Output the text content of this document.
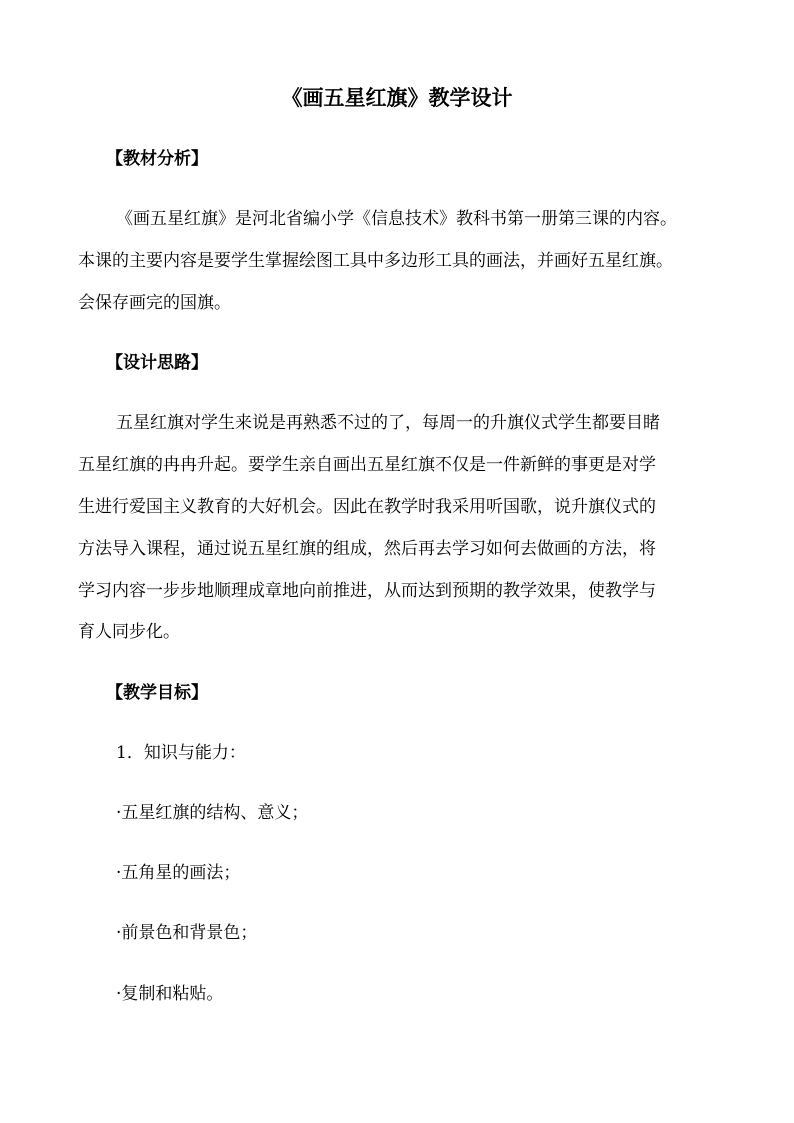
《画五星红旗》教学设计
【教材分析】
《画五星红旗》是河北省编小学《信息技术》教科书第一册第三课的内容。
本课的主要内容是要学生掌握绘图工具中多边形工具的画法，并画好五星红旗。
会保存画完的国旗。
【设计思路】
五星红旗对学生来说是再熟悉不过的了，每周一的升旗仪式学生都要目睹
五星红旗的冉冉升起。要学生亲自画出五星红旗不仅是一件新鲜的事更是对学
生进行爱国主义教育的大好机会。因此在教学时我采用听国歌，说升旗仪式的
方法导入课程，通过说五星红旗的组成，然后再去学习如何去做画的方法，将
学习内容一步步地顺理成章地向前推进，从而达到预期的教学效果，使教学与
育人同步化。
【教学目标】
1．知识与能力：
·五星红旗的结构、意义；
·五角星的画法；
·前景色和背景色；
·复制和粘贴。
